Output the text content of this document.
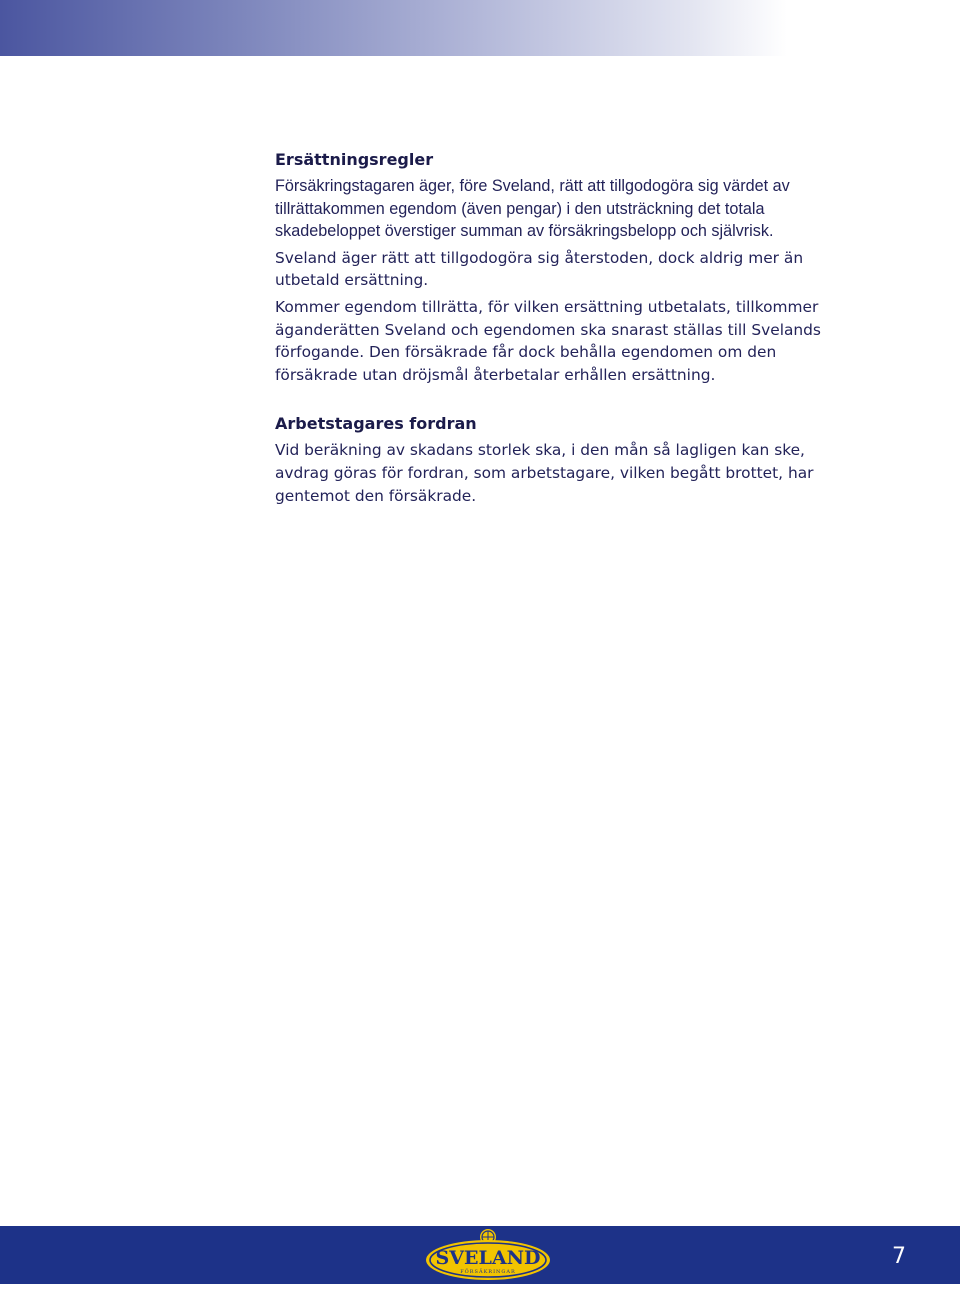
Ersättningsregler

Försäkringstagaren äger, före Sveland, rätt att tillgodogöra sig värdet av tillrättakommen egendom (även pengar) i den utsträckning det totala skadebeloppet överstiger summan av försäkringsbelopp och självrisk.

Sveland äger rätt att tillgodogöra sig återstoden, dock aldrig mer än utbetald ersättning.

Kommer egendom tillrätta, för vilken ersättning utbetalats, tillkommer äganderätten Sveland och egendomen ska snarast ställas till Svelands förfogande. Den försäkrade får dock behålla egendomen om den försäkrade utan dröjsmål återbetalar erhållen ersättning.

Arbetstagares fordran

Vid beräkning av skadans storlek ska, i den mån så lagligen kan ske, avdrag göras för fordran, som arbetstagare, vilken begått brottet, har gentemot den försäkrade.

SVELAND
FÖRSÄKRINGAR
7
